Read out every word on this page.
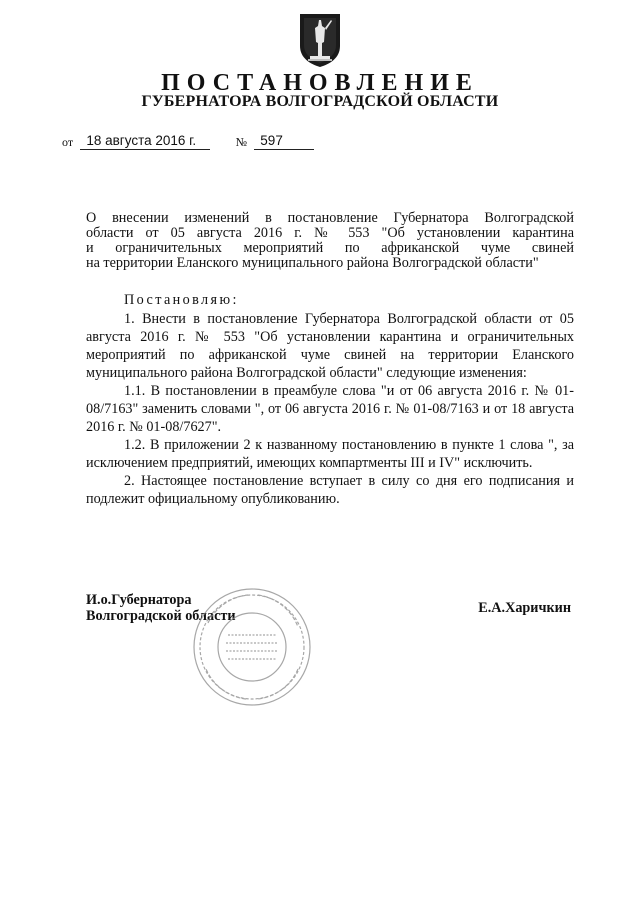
ПОСТАНОВЛЕНИЕ
ГУБЕРНАТОРА ВОЛГОГРАДСКОЙ ОБЛАСТИ
от 18 августа 2016 г.	№ 597
О внесении изменений в постановление Губернатора Волгоградской
области от 05 августа 2016 г. № 553 "Об установлении карантина
и ограничительных мероприятий по африканской чуме свиней
на территории Еланского муниципального района Волгоградской области"
Постановляю:

1. Внести в постановление Губернатора Волгоградской области от 05 августа 2016 г. № 553 "Об установлении карантина и ограничительных мероприятий по африканской чуме свиней на территории Еланского муниципального района Волгоградской области" следующие изменения:

1.1. В постановлении в преамбуле слова "и от 06 августа 2016 г. № 01-08/7163" заменить словами ", от 06 августа 2016 г. № 01-08/7163 и от 18 августа 2016 г. № 01-08/7627".

1.2. В приложении 2 к названному постановлению в пункте 1 слова ", за исключением предприятий, имеющих компартменты III и IV" исключить.

2. Настоящее постановление вступает в силу со дня его подписания и подлежит официальному опубликованию.

И.о.Губернатора
Волгоградской области	Е.А.Харичкин
